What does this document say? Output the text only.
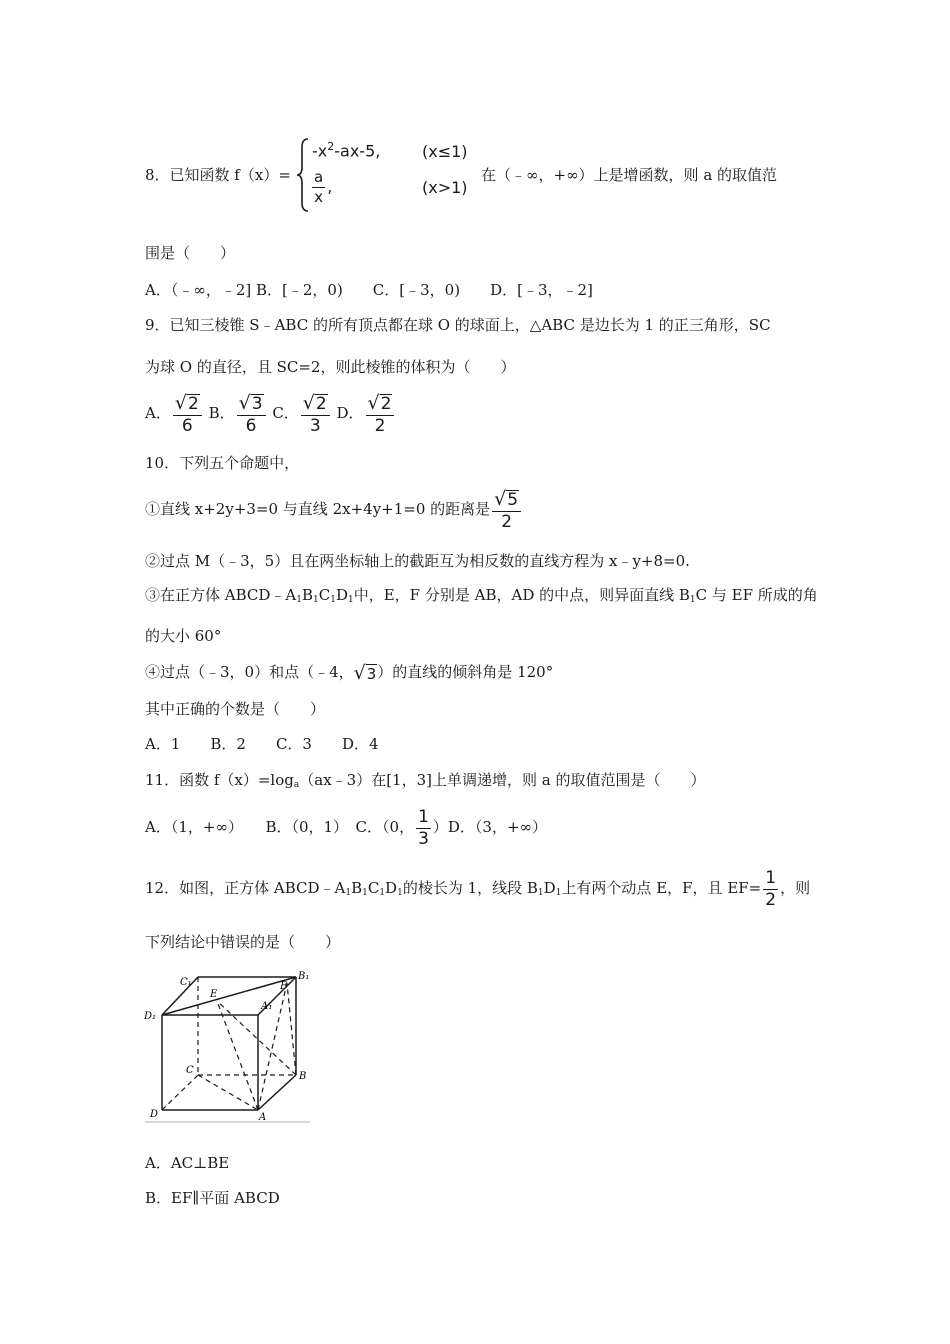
8．已知函数 f（x）=
$-x^2-ax-5$,	(x≤1)
$\frac{a}{x}$ ,	(x>1)
在（﹣∞，+∞）上是增函数，则 a 的取值范
围是（　　）
A．（﹣∞，﹣2] B．[﹣2，0)　　C．[﹣3，0)　　D．[﹣3，﹣2]
9．已知三棱锥 S﹣ABC 的所有顶点都在球 O 的球面上，△ABC 是边长为 1 的正三角形，SC
为球 O 的直径，且 SC=2，则此棱锥的体积为（　　）
A． $\frac{√ 2}{6}$ B． $\frac{√ 3}{6}$ C． $\frac{√ 2}{3}$ D． $\frac{√ 2}{2}$
10．下列五个命题中，
①直线 x+2y+3=0 与直线 2x+4y+1=0 的距离是 $\frac{√ 5}{2}$
②过点 M（﹣3，5）且在两坐标轴上的截距互为相反数的直线方程为 x﹣y+8=0.
③在正方体 $ABCD﹣A_1B_1C_1D_1$中，E，F 分别是 AB，AD 的中点，则异面直线 $B_1C$ 与 EF 所成的角
的大小 60°
④过点（﹣3，0）和点（﹣4， √ 3 ）的直线的倾斜角是 120°
其中正确的个数是（　　）
A．1　　B．2　　C．3　　D．4
11．函数 $f(x)=\log_a(ax﹣3)$在[1，3]上单调递增，则 a 的取值范围是（　　）
A．（1，+∞）　　B．（0，1）　C．（0， $\frac{1}{3} )D$．（3，+∞）
12．如图，正方体 $ABCD﹣A_1B_1C_1D_1$的棱长为 1，线段 $B_1D_1$上有两个动点 E，F，且 $EF= \frac{1}{2}$ ，则
下列结论中错误的是（　　）
C₁
B₁
D₁
A₁
E
F
C
B
D	A
A．AC⊥BE
B．EF∥平面 ABCD
